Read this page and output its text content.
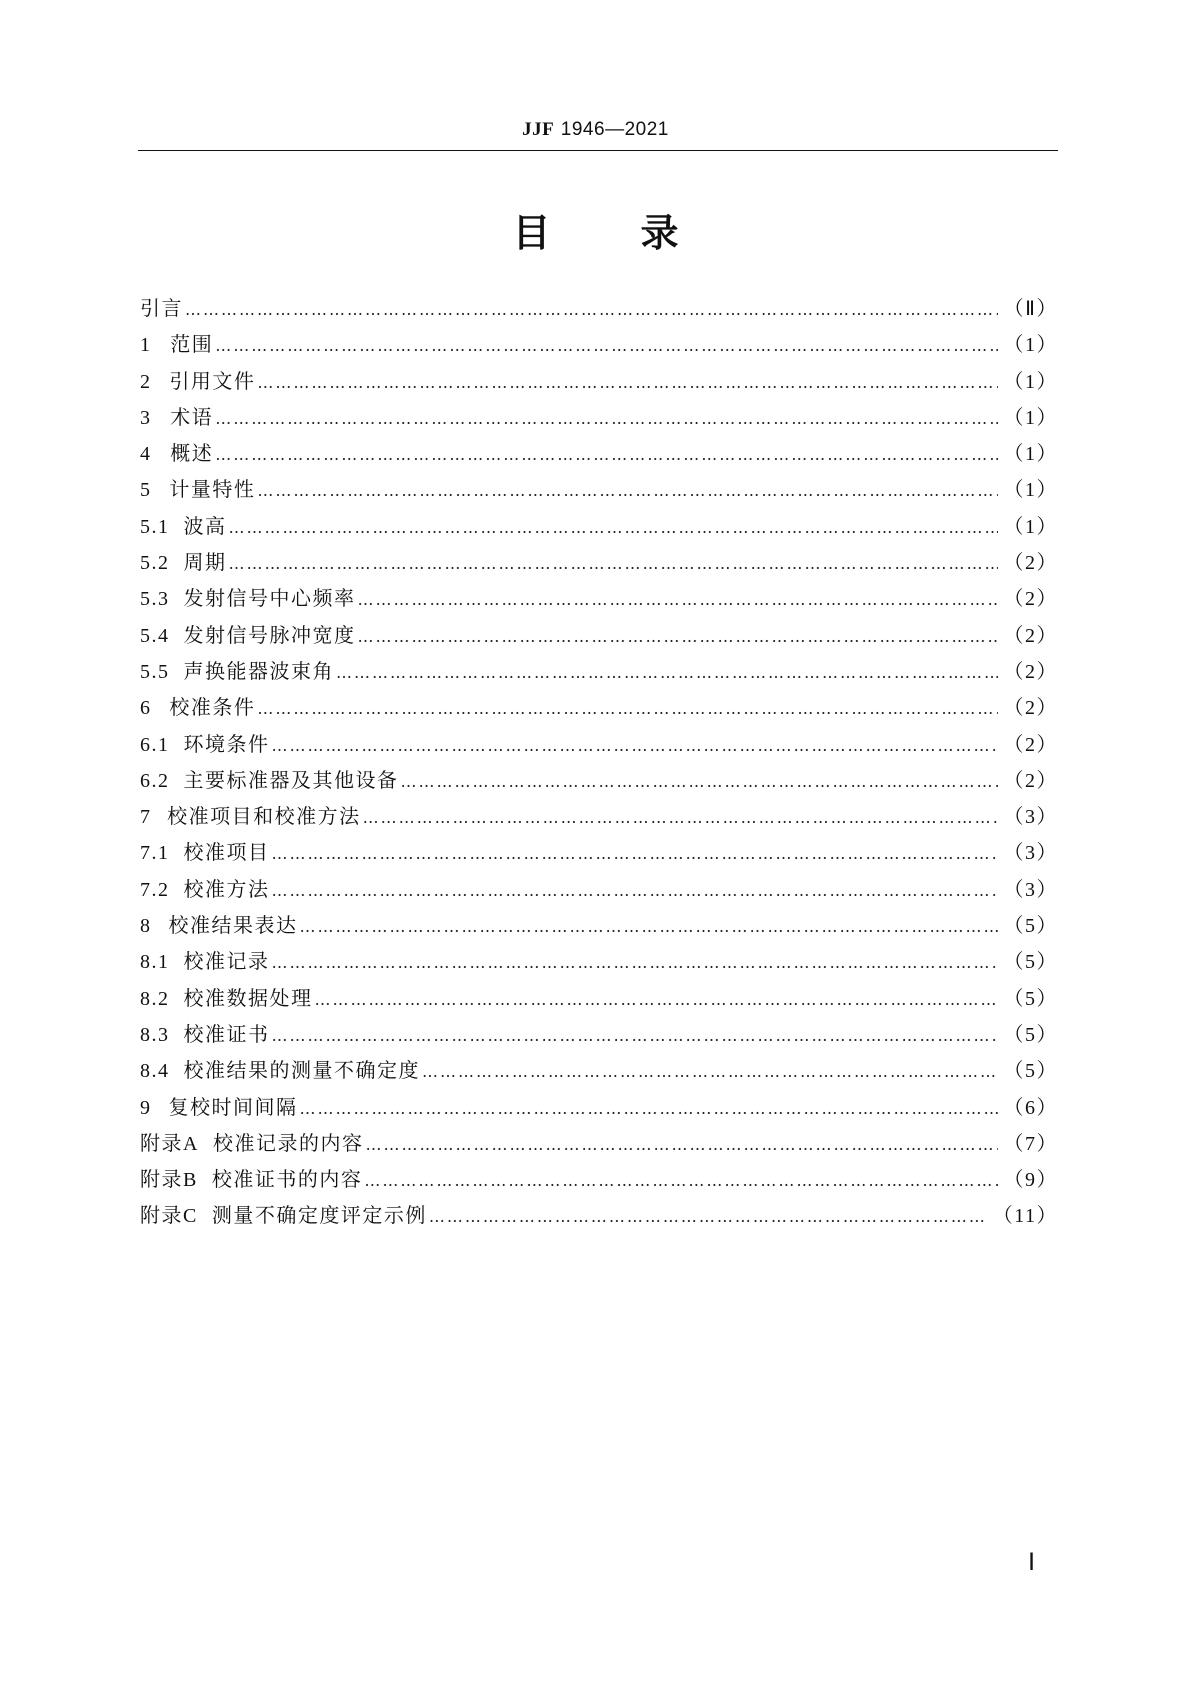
JJF 1946—2021
目 录
引言 ……………………………………………………………………………………………………………………………………………………………	（Ⅱ）
1 范围 ……………………………………………………………………………………………………………………………………………………………	（1）
2 引用文件 ……………………………………………………………………………………………………………………………………………………………	（1）
3 术语 ……………………………………………………………………………………………………………………………………………………………	（1）
4 概述 ……………………………………………………………………………………………………………………………………………………………	（1）
5 计量特性 ……………………………………………………………………………………………………………………………………………………………	（1）
5.1 波高 ……………………………………………………………………………………………………………………………………………………………	（1）
5.2 周期 ……………………………………………………………………………………………………………………………………………………………	（2）
5.3 发射信号中心频率 ……………………………………………………………………………………………………………………………………………………………	（2）
5.4 发射信号脉冲宽度 ……………………………………………………………………………………………………………………………………………………………	（2）
5.5 声换能器波束角 ……………………………………………………………………………………………………………………………………………………………	（2）
6 校准条件 ……………………………………………………………………………………………………………………………………………………………	（2）
6.1 环境条件 ……………………………………………………………………………………………………………………………………………………………	（2）
6.2 主要标准器及其他设备 ……………………………………………………………………………………………………………………………………………………………	（2）
7 校准项目和校准方法 ……………………………………………………………………………………………………………………………………………………………	（3）
7.1 校准项目 ……………………………………………………………………………………………………………………………………………………………	（3）
7.2 校准方法 ……………………………………………………………………………………………………………………………………………………………	（3）
8 校准结果表达 ……………………………………………………………………………………………………………………………………………………………	（5）
8.1 校准记录 ……………………………………………………………………………………………………………………………………………………………	（5）
8.2 校准数据处理 ……………………………………………………………………………………………………………………………………………………………	（5）
8.3 校准证书 ……………………………………………………………………………………………………………………………………………………………	（5）
8.4 校准结果的测量不确定度 ……………………………………………………………………………………………………………………………………………………………	（5）
9 复校时间间隔 ……………………………………………………………………………………………………………………………………………………………	（6）
附录A 校准记录的内容 ……………………………………………………………………………………………………………………………………………………………	（7）
附录B 校准证书的内容 ……………………………………………………………………………………………………………………………………………………………	（9）
附录C 测量不确定度评定示例 ……………………………………………………………………………………………………………………………………………………………	（11）
Ⅰ
